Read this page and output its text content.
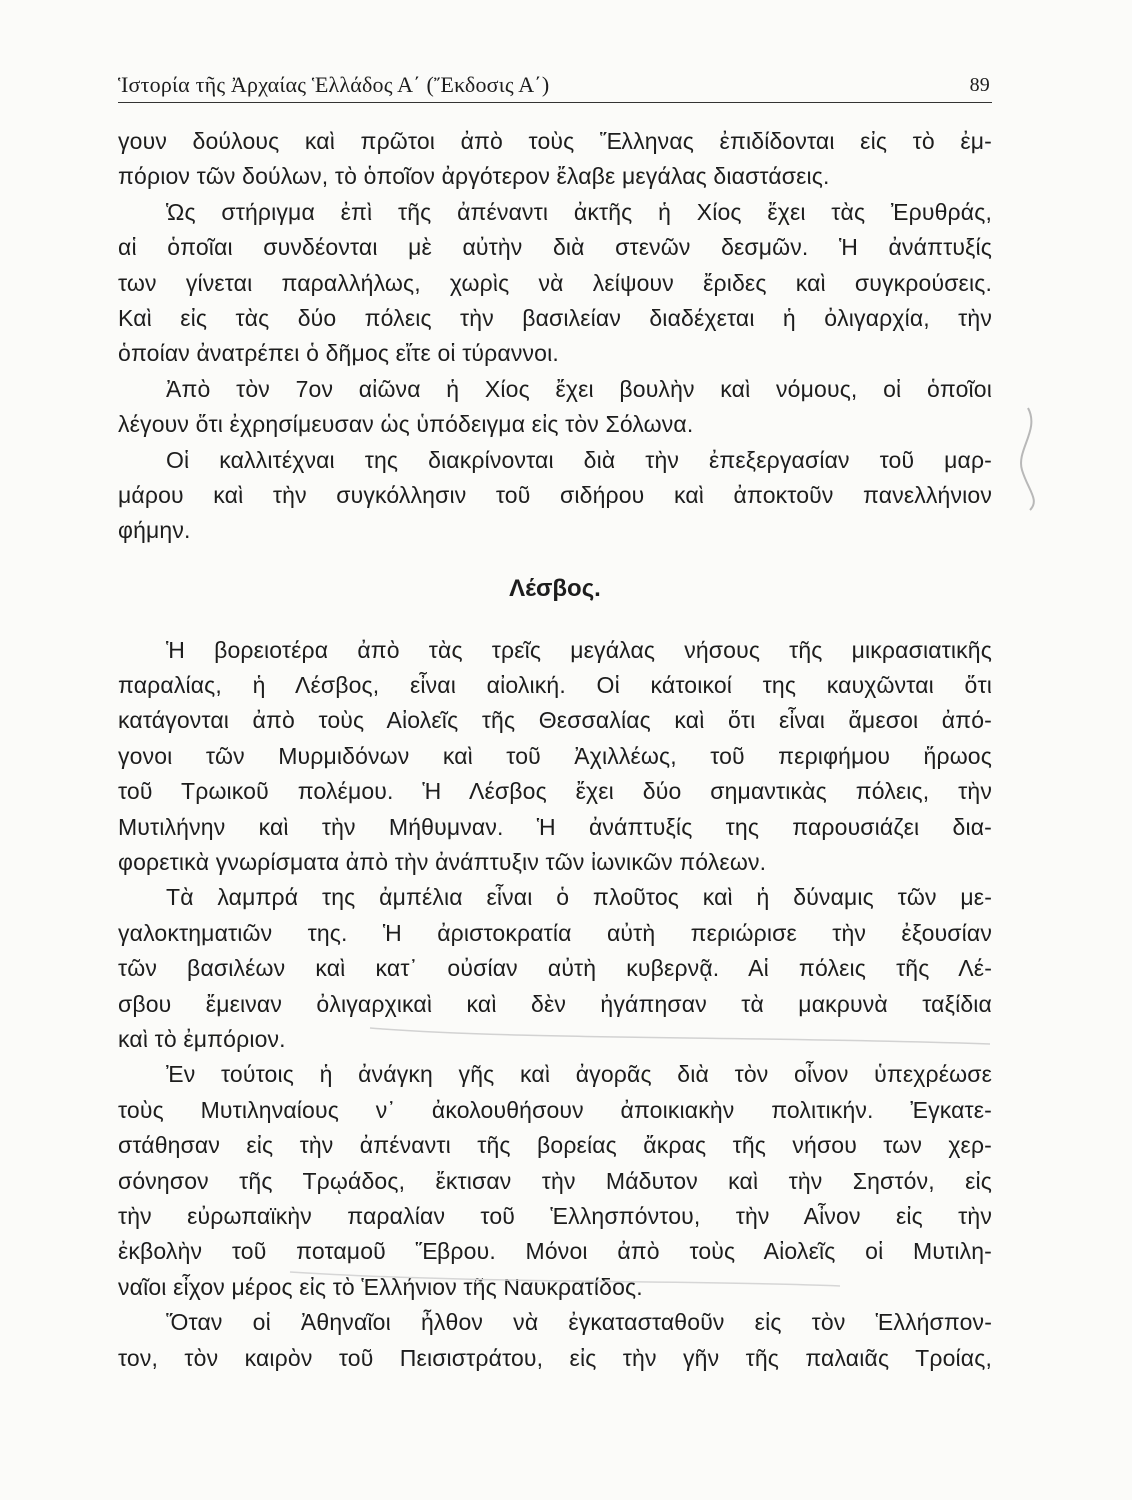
Ἱστορία τῆς Ἀρχαίας Ἑλλάδος Α΄ (Ἔκδοσις Α΄)	89
γουν δούλους καὶ πρῶτοι ἀπὸ τοὺς Ἕλληνας ἐπιδίδονται εἰς τὸ ἐμ-
πόριον τῶν δούλων, τὸ ὁποῖον ἀργότερον ἔλαβε μεγάλας διαστάσεις.
Ὡς στήριγμα ἐπὶ τῆς ἀπέναντι ἀκτῆς ἡ Χίος ἔχει τὰς Ἐρυθράς,
αἱ ὁποῖαι συνδέονται μὲ αὐτὴν διὰ στενῶν δεσμῶν. Ἡ ἀνάπτυξίς
των γίνεται παραλλήλως, χωρὶς νὰ λείψουν ἔριδες καὶ συγκρούσεις.
Καὶ εἰς τὰς δύο πόλεις τὴν βασιλείαν διαδέχεται ἡ ὀλιγαρχία, τὴν
ὁποίαν ἀνατρέπει ὁ δῆμος εἴτε οἱ τύραννοι.
Ἀπὸ τὸν 7ον αἰῶνα ἡ Χίος ἔχει βουλὴν καὶ νόμους, οἱ ὁποῖοι
λέγουν ὅτι ἐχρησίμευσαν ὡς ὑπόδειγμα εἰς τὸν Σόλωνα.
Οἱ καλλιτέχναι της διακρίνονται διὰ τὴν ἐπεξεργασίαν τοῦ μαρ-
μάρου καὶ τὴν συγκόλλησιν τοῦ σιδήρου καὶ ἀποκτοῦν πανελλήνιον
φήμην.
Λέσβος.
Ἡ βορειοτέρα ἀπὸ τὰς τρεῖς μεγάλας νήσους τῆς μικρασιατικῆς
παραλίας, ἡ Λέσβος, εἶναι αἰολική. Οἱ κάτοικοί της καυχῶνται ὅτι
κατάγονται ἀπὸ τοὺς Αἰολεῖς τῆς Θεσσαλίας καὶ ὅτι εἶναι ἄμεσοι ἀπό-
γονοι τῶν Μυρμιδόνων καὶ τοῦ Ἀχιλλέως, τοῦ περιφήμου ἥρωος
τοῦ Τρωικοῦ πολέμου. Ἡ Λέσβος ἔχει δύο σημαντικὰς πόλεις, τὴν
Μυτιλήνην καὶ τὴν Μήθυμναν. Ἡ ἀνάπτυξίς της παρουσιάζει δια-
φορετικὰ γνωρίσματα ἀπὸ τὴν ἀνάπτυξιν τῶν ἰωνικῶν πόλεων.
Τὰ λαμπρά της ἀμπέλια εἶναι ὁ πλοῦτος καὶ ἡ δύναμις τῶν με-
γαλοκτηματιῶν της. Ἡ ἀριστοκρατία αὐτὴ περιώρισε τὴν ἐξουσίαν
τῶν βασιλέων καὶ κατ᾽ οὐσίαν αὐτὴ κυβερνᾷ. Αἱ πόλεις τῆς Λέ-
σβου ἔμειναν ὀλιγαρχικαὶ καὶ δὲν ἠγάπησαν τὰ μακρυνὰ ταξίδια
καὶ τὸ ἐμπόριον.
Ἐν τούτοις ἡ ἀνάγκη γῆς καὶ ἀγορᾶς διὰ τὸν οἶνον ὑπεχρέωσε
τοὺς Μυτιληναίους ν᾽ ἀκολουθήσουν ἀποικιακὴν πολιτικήν. Ἐγκατε-
στάθησαν εἰς τὴν ἀπέναντι τῆς βορείας ἄκρας τῆς νήσου των χερ-
σόνησον τῆς Τρῳάδος, ἔκτισαν τὴν Μάδυτον καὶ τὴν Σηστόν, εἰς
τὴν εὐρωπαϊκὴν παραλίαν τοῦ Ἑλλησπόντου, τὴν Αἶνον εἰς τὴν
ἐκβολὴν τοῦ ποταμοῦ Ἕβρου. Μόνοι ἀπὸ τοὺς Αἰολεῖς οἱ Μυτιλη-
ναῖοι εἶχον μέρος εἰς τὸ Ἑλλήνιον τῆς Ναυκρατίδος.
Ὅταν οἱ Ἀθηναῖοι ἦλθον νὰ ἐγκατασταθοῦν εἰς τὸν Ἑλλήσπον-
τον, τὸν καιρὸν τοῦ Πεισιστράτου, εἰς τὴν γῆν τῆς παλαιᾶς Τροίας,
